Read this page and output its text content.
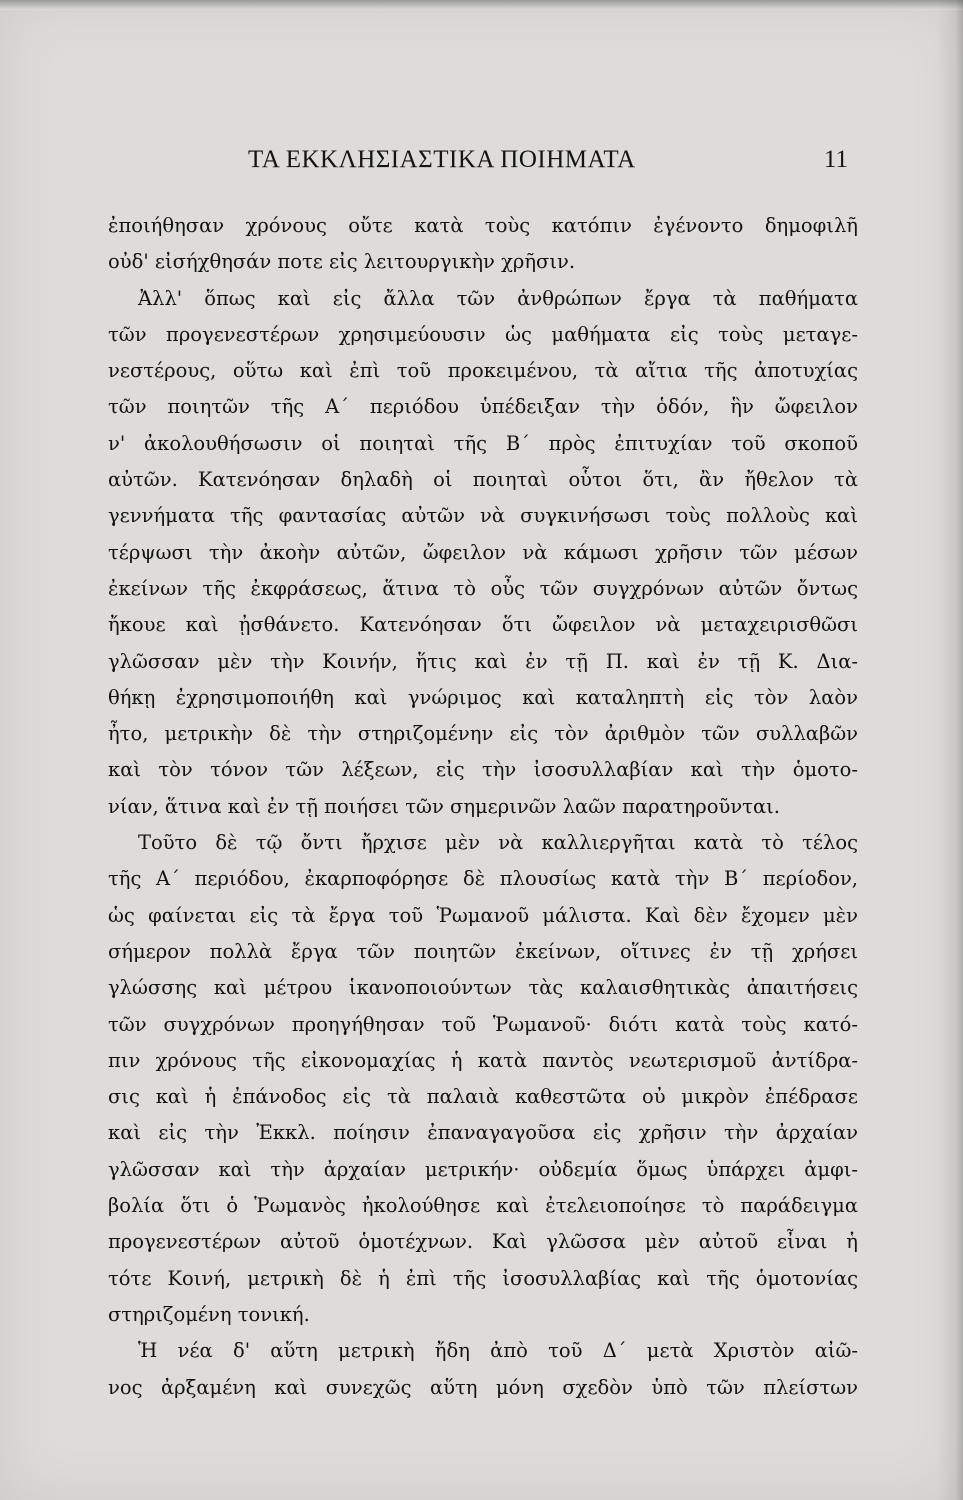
ΤΑ ΕΚΚΛΗΣΙΑΣΤΙΚΑ ΠΟΙΗΜΑΤΑ	11
ἐποιήθησαν χρόνους οὔτε κατὰ τοὺς κατόπιν ἐγένοντο δημοφιλῆ
οὐδ' εἰσήχθησάν ποτε εἰς λειτουργικὴν χρῆσιν.
Ἀλλ' ὅπως καὶ εἰς ἄλλα τῶν ἀνθρώπων ἔργα τὰ παθήματα
τῶν προγενεστέρων χρησιμεύουσιν ὡς μαθήματα εἰς τοὺς μεταγε-
νεστέρους, οὕτω καὶ ἐπὶ τοῦ προκειμένου, τὰ αἴτια τῆς ἀποτυχίας
τῶν ποιητῶν τῆς Α΄ περιόδου ὑπέδειξαν τὴν ὁδόν, ἣν ὤφειλον
ν' ἀκολουθήσωσιν οἱ ποιηταὶ τῆς Β΄ πρὸς ἐπιτυχίαν τοῦ σκοποῦ
αὐτῶν. Κατενόησαν δηλαδὴ οἱ ποιηταὶ οὗτοι ὅτι, ἂν ἤθελον τὰ
γεννήματα τῆς φαντασίας αὐτῶν νὰ συγκινήσωσι τοὺς πολλοὺς καὶ
τέρψωσι τὴν ἀκοὴν αὐτῶν, ὤφειλον νὰ κάμωσι χρῆσιν τῶν μέσων
ἐκείνων τῆς ἐκφράσεως, ἅτινα τὸ οὖς τῶν συγχρόνων αὐτῶν ὄντως
ἤκουε καὶ ᾐσθάνετο. Κατενόησαν ὅτι ὤφειλον νὰ μεταχειρισθῶσι
γλῶσσαν μὲν τὴν Κοινήν, ἥτις καὶ ἐν τῇ Π. καὶ ἐν τῇ Κ. Δια-
θήκῃ ἐχρησιμοποιήθη καὶ γνώριμος καὶ καταληπτὴ εἰς τὸν λαὸν
ἦτο, μετρικὴν δὲ τὴν στηριζομένην εἰς τὸν ἀριθμὸν τῶν συλλαβῶν
καὶ τὸν τόνον τῶν λέξεων, εἰς τὴν ἰσοσυλλαβίαν καὶ τὴν ὁμοτο-
νίαν, ἅτινα καὶ ἐν τῇ ποιήσει τῶν σημερινῶν λαῶν παρατηροῦνται.
Τοῦτο δὲ τῷ ὄντι ἤρχισε μὲν νὰ καλλιεργῆται κατὰ τὸ τέλος
τῆς Α΄ περιόδου, ἐκαρποφόρησε δὲ πλουσίως κατὰ τὴν Β΄ περίοδον,
ὡς φαίνεται εἰς τὰ ἔργα τοῦ Ῥωμανοῦ μάλιστα. Καὶ δὲν ἔχομεν μὲν
σήμερον πολλὰ ἔργα τῶν ποιητῶν ἐκείνων, οἵτινες ἐν τῇ χρήσει
γλώσσης καὶ μέτρου ἱκανοποιούντων τὰς καλαισθητικὰς ἀπαιτήσεις
τῶν συγχρόνων προηγήθησαν τοῦ Ῥωμανοῦ· διότι κατὰ τοὺς κατό-
πιν χρόνους τῆς εἰκονομαχίας ἡ κατὰ παντὸς νεωτερισμοῦ ἀντίδρα-
σις καὶ ἡ ἐπάνοδος εἰς τὰ παλαιὰ καθεστῶτα οὐ μικρὸν ἐπέδρασε
καὶ εἰς τὴν Ἐκκλ. ποίησιν ἐπαναγαγοῦσα εἰς χρῆσιν τὴν ἀρχαίαν
γλῶσσαν καὶ τὴν ἀρχαίαν μετρικήν· οὐδεμία ὅμως ὑπάρχει ἀμφι-
βολία ὅτι ὁ Ῥωμανὸς ἠκολούθησε καὶ ἐτελειοποίησε τὸ παράδειγμα
προγενεστέρων αὐτοῦ ὁμοτέχνων. Καὶ γλῶσσα μὲν αὐτοῦ εἶναι ἡ
τότε Κοινή, μετρικὴ δὲ ἡ ἐπὶ τῆς ἰσοσυλλαβίας καὶ τῆς ὁμοτονίας
στηριζομένη τονική.
Ἡ νέα δ' αὕτη μετρικὴ ἤδη ἀπὸ τοῦ Δ΄ μετὰ Χριστὸν αἰῶ-
νος ἀρξαμένη καὶ συνεχῶς αὕτη μόνη σχεδὸν ὑπὸ τῶν πλείστων
